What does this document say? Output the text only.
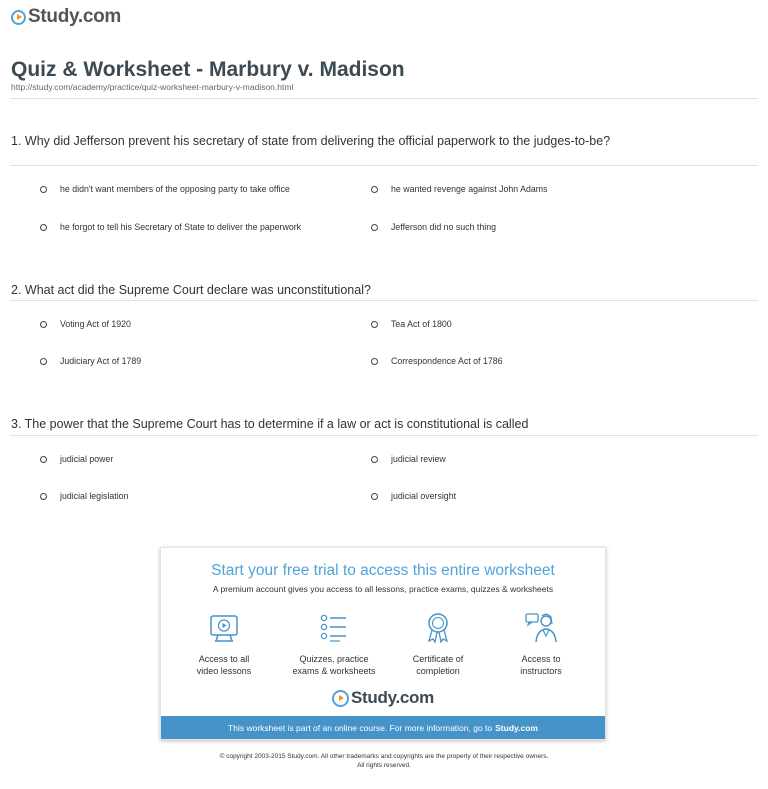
Study.com
Quiz & Worksheet - Marbury v. Madison
http://study.com/academy/practice/quiz-worksheet-marbury-v-madison.html
1. Why did Jefferson prevent his secretary of state from delivering the official paperwork to the judges-to-be?
he didn't want members of the opposing party to take office	he wanted revenge against John Adams
he forgot to tell his Secretary of State to deliver the paperwork	Jefferson did no such thing
2. What act did the Supreme Court declare was unconstitutional?
Voting Act of 1920	Tea Act of 1800
Judiciary Act of 1789	Correspondence Act of 1786
3. The power that the Supreme Court has to determine if a law or act is constitutional is called
judicial power	judicial review
judicial legislation	judicial oversight
Start your free trial to access this entire worksheet
A premium account gives you access to all lessons, practice exams, quizzes & worksheets
Access to all
video lessons
Quizzes, practice
exams & worksheets
Certificate of
completion
Access to
instructors
Study.com
This worksheet is part of an online course. For more information, go to Study.com
© copyright 2003-2015 Study.com. All other trademarks and copyrights are the property of their respective owners.
All rights reserved.
